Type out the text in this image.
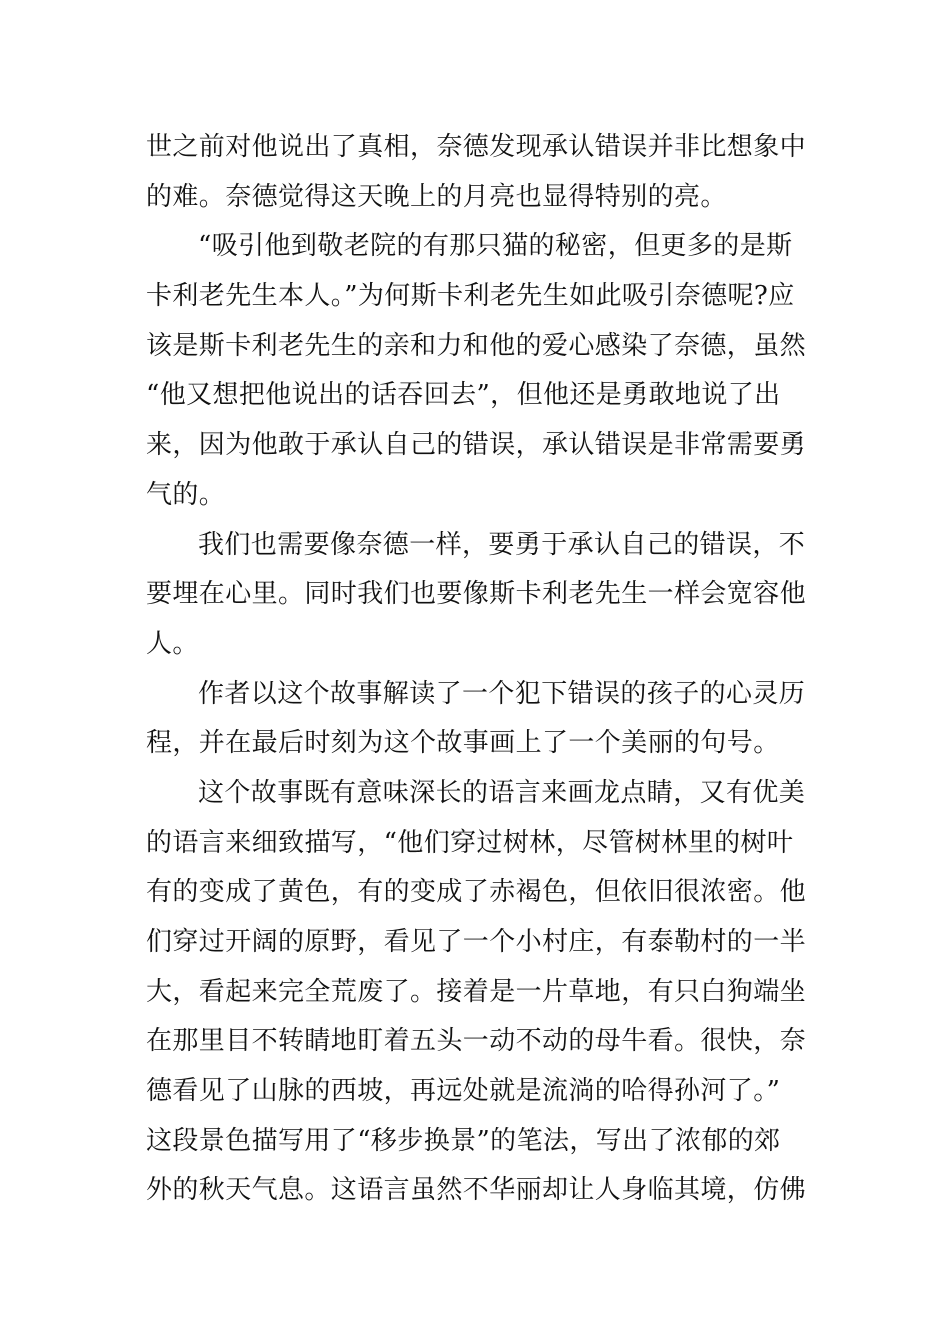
世之前对他说出了真相，奈德发现承认错误并非比想象中
的难。奈德觉得这天晚上的月亮也显得特别的亮。
“吸引他到敬老院的有那只猫的秘密，但更多的是斯
卡利老先生本人。”为何斯卡利老先生如此吸引奈德呢?应
该是斯卡利老先生的亲和力和他的爱心感染了奈德，虽然
“他又想把他说出的话吞回去”，但他还是勇敢地说了出
来，因为他敢于承认自己的错误，承认错误是非常需要勇
气的。
我们也需要像奈德一样，要勇于承认自己的错误，不
要埋在心里。同时我们也要像斯卡利老先生一样会宽容他
人。
作者以这个故事解读了一个犯下错误的孩子的心灵历
程，并在最后时刻为这个故事画上了一个美丽的句号。
这个故事既有意味深长的语言来画龙点睛，又有优美
的语言来细致描写，“他们穿过树林，尽管树林里的树叶
有的变成了黄色，有的变成了赤褐色，但依旧很浓密。他
们穿过开阔的原野，看见了一个小村庄，有泰勒村的一半
大，看起来完全荒废了。接着是一片草地，有只白狗端坐
在那里目不转睛地盯着五头一动不动的母牛看。很快，奈
德看见了山脉的西坡，再远处就是流淌的哈得孙河了。”
这段景色描写用了“移步换景”的笔法，写出了浓郁的郊
外的秋天气息。这语言虽然不华丽却让人身临其境，仿佛
